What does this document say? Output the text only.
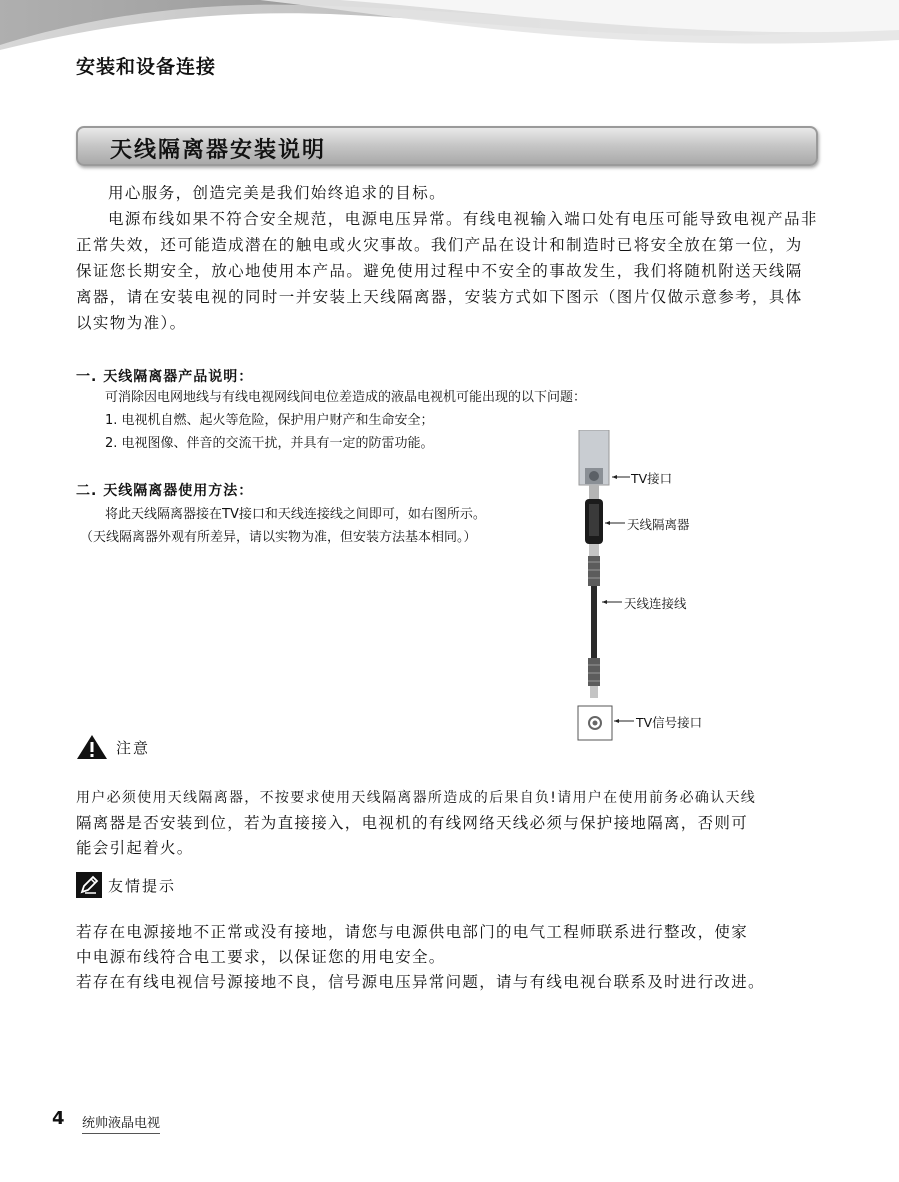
安装和设备连接
天线隔离器安装说明

用心服务，创造完美是我们始终追求的目标。

电源布线如果不符合安全规范，电源电压异常。有线电视输入端口处有电压可能导致电视产品非正常失效，还可能造成潜在的触电或火灾事故。我们产品在设计和制造时已将安全放在第一位，为保证您长期安全，放心地使用本产品。避免使用过程中不安全的事故发生，我们将随机附送天线隔离器，请在安装电视的同时一并安装上天线隔离器，安装方式如下图示（图片仅做示意参考，具体以实物为准）。

一. 天线隔离器产品说明：
可消除因电网地线与有线电视网线间电位差造成的液晶电视机可能出现的以下问题：
1. 电视机自燃、起火等危险，保护用户财产和生命安全；
2. 电视图像、伴音的交流干扰，并具有一定的防雷功能。
二. 天线隔离器使用方法：
将此天线隔离器接在TV接口和天线连接线之间即可，如右图所示。
（天线隔离器外观有所差异，请以实物为准，但安装方法基本相同。）
TV接口
天线隔离器
天线连接线
TV信号接口
注意

用户必须使用天线隔离器，不按要求使用天线隔离器所造成的后果自负!请用户在使用前务必确认天线

隔离器是否安装到位，若为直接接入，电视机的有线网络天线必须与保护接地隔离，否则可

能会引起着火。

友情提示

若存在电源接地不正常或没有接地，请您与电源供电部门的电气工程师联系进行整改，使家

中电源布线符合电工要求，以保证您的用电安全。

若存在有线电视信号源接地不良，信号源电压异常问题，请与有线电视台联系及时进行改进。

4 统帅液晶电视
